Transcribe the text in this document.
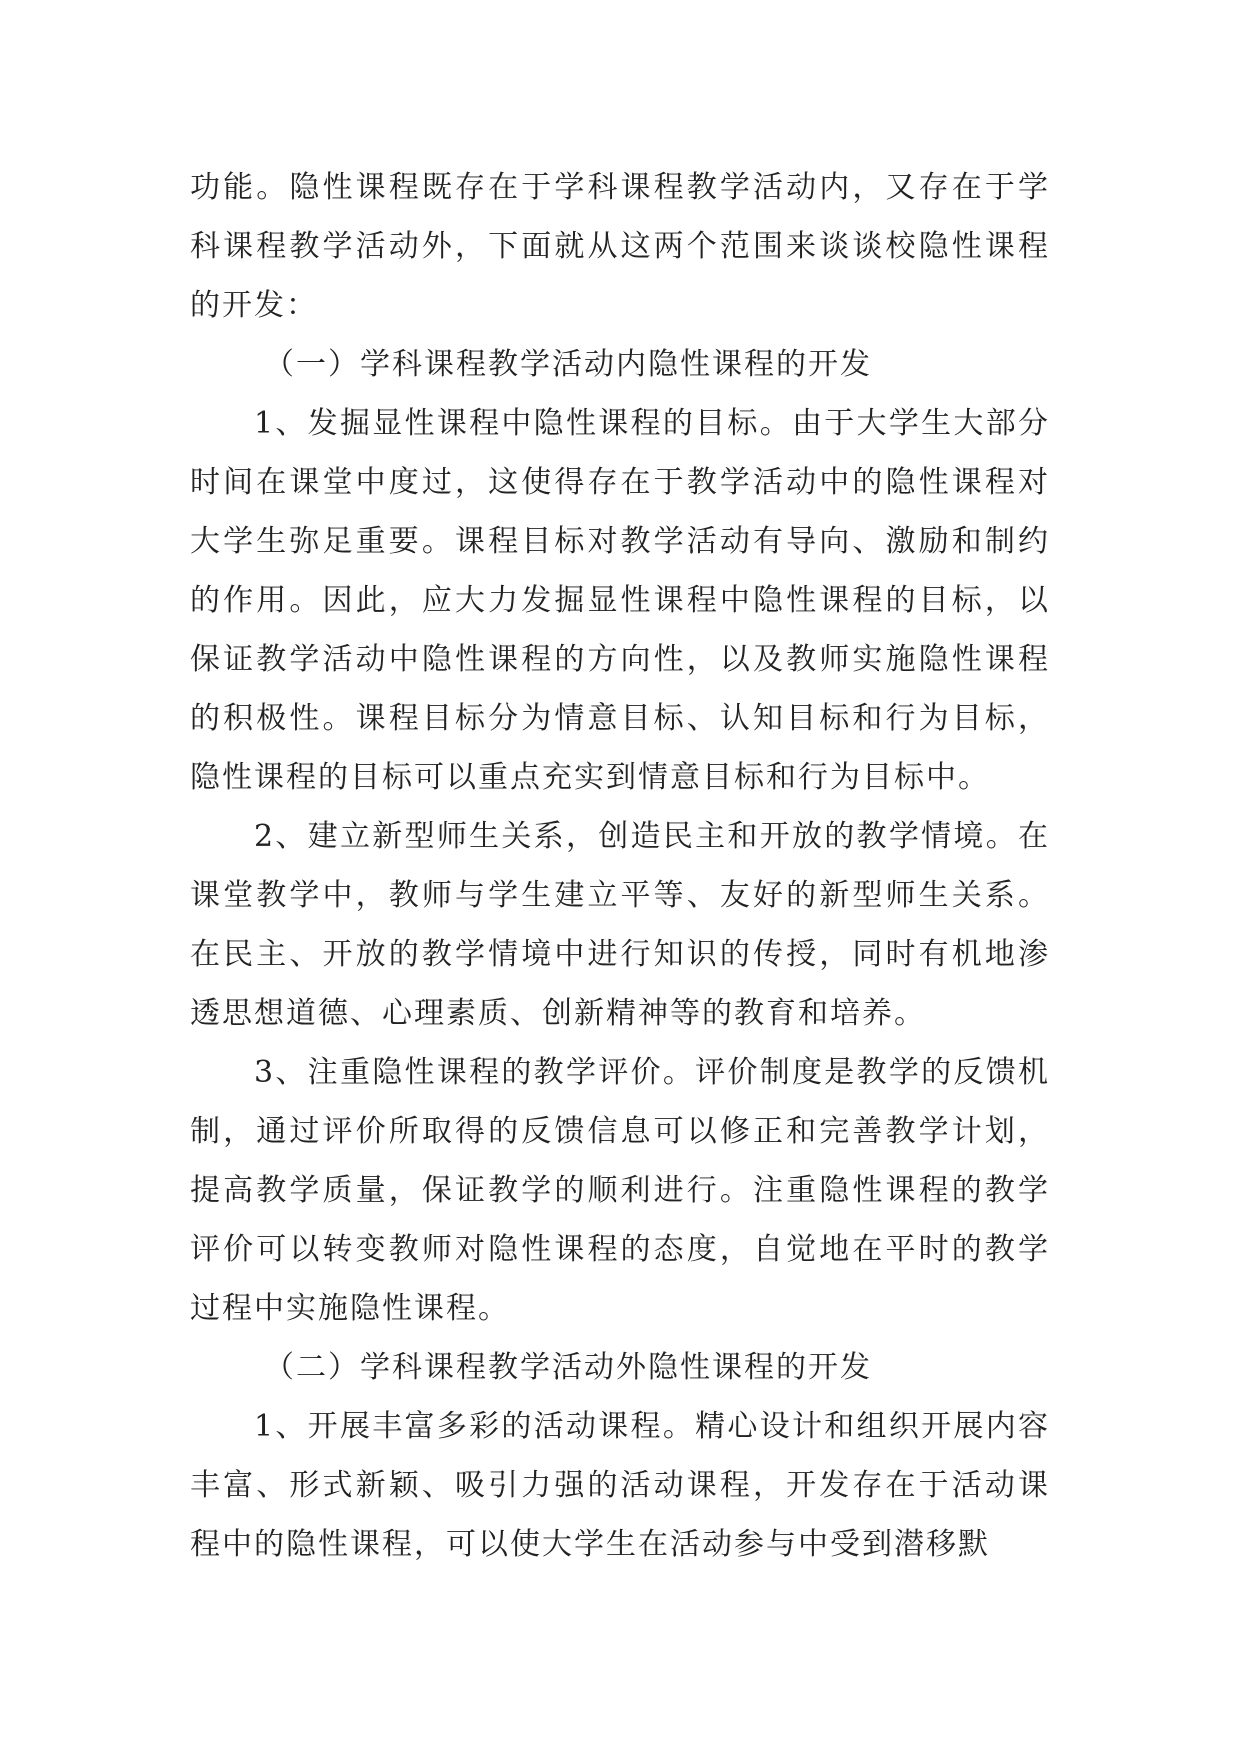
功能。隐性课程既存在于学科课程教学活动内，又存在于学科课程教学活动外，下面就从这两个范围来谈谈校隐性课程的开发：

（一）学科课程教学活动内隐性课程的开发

1、发掘显性课程中隐性课程的目标。由于大学生大部分时间在课堂中度过，这使得存在于教学活动中的隐性课程对大学生弥足重要。课程目标对教学活动有导向、激励和制约的作用。因此，应大力发掘显性课程中隐性课程的目标，以保证教学活动中隐性课程的方向性，以及教师实施隐性课程的积极性。课程目标分为情意目标、认知目标和行为目标，隐性课程的目标可以重点充实到情意目标和行为目标中。

2、建立新型师生关系，创造民主和开放的教学情境。在课堂教学中，教师与学生建立平等、友好的新型师生关系。在民主、开放的教学情境中进行知识的传授，同时有机地渗透思想道德、心理素质、创新精神等的教育和培养。

3、注重隐性课程的教学评价。评价制度是教学的反馈机制，通过评价所取得的反馈信息可以修正和完善教学计划，提高教学质量，保证教学的顺利进行。注重隐性课程的教学评价可以转变教师对隐性课程的态度，自觉地在平时的教学过程中实施隐性课程。

（二）学科课程教学活动外隐性课程的开发

1、开展丰富多彩的活动课程。精心设计和组织开展内容丰富、形式新颖、吸引力强的活动课程，开发存在于活动课程中的隐性课程，可以使大学生在活动参与中受到潜移默
